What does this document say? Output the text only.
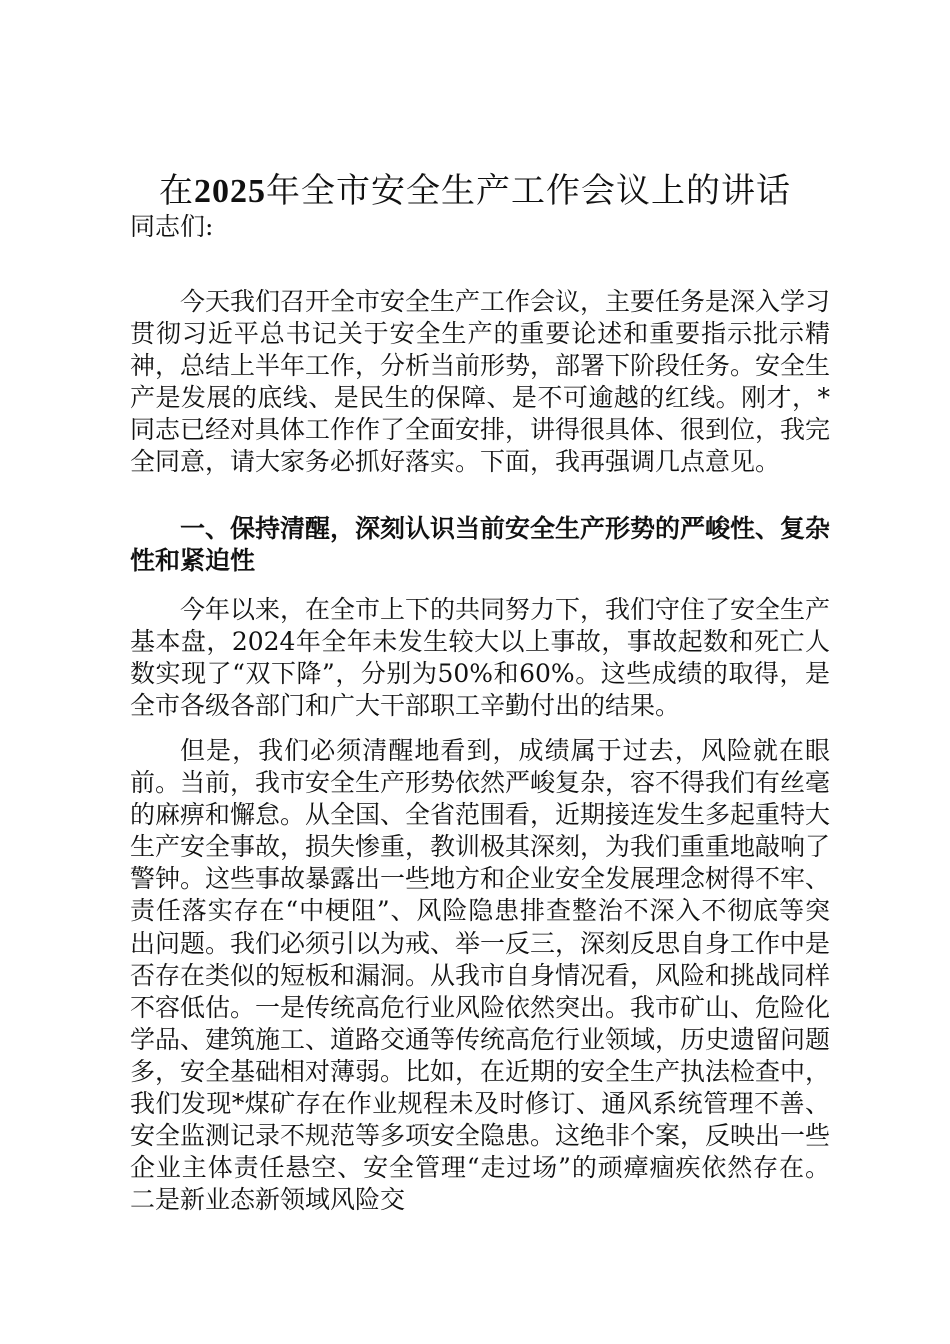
在2025年全市安全生产工作会议上的讲话
同志们:

今天我们召开全市安全生产工作会议，主要任务是深入学习贯彻习近平总书记关于安全生产的重要论述和重要指示批示精神，总结上半年工作，分析当前形势，部署下阶段任务。安全生产是发展的底线、是民生的保障、是不可逾越的红线。刚才，*同志已经对具体工作作了全面安排，讲得很具体、很到位，我完全同意，请大家务必抓好落实。下面，我再强调几点意见。

一、保持清醒，深刻认识当前安全生产形势的严峻性、复杂性和紧迫性

今年以来，在全市上下的共同努力下，我们守住了安全生产基本盘，2024年全年未发生较大以上事故，事故起数和死亡人数实现了“双下降”，分别为50%和60%。这些成绩的取得，是全市各级各部门和广大干部职工辛勤付出的结果。

但是，我们必须清醒地看到，成绩属于过去，风险就在眼前。当前，我市安全生产形势依然严峻复杂，容不得我们有丝毫的麻痹和懈怠。从全国、全省范围看，近期接连发生多起重特大生产安全事故，损失惨重，教训极其深刻，为我们重重地敲响了警钟。这些事故暴露出一些地方和企业安全发展理念树得不牢、责任落实存在“中梗阻”、风险隐患排查整治不深入不彻底等突出问题。我们必须引以为戒、举一反三，深刻反思自身工作中是否存在类似的短板和漏洞。从我市自身情况看，风险和挑战同样不容低估。一是传统高危行业风险依然突出。我市矿山、危险化学品、建筑施工、道路交通等传统高危行业领域，历史遗留问题多，安全基础相对薄弱。比如，在近期的安全生产执法检查中，我们发现*煤矿存在作业规程未及时修订、通风系统管理不善、安全监测记录不规范等多项安全隐患。这绝非个案，反映出一些企业主体责任悬空、安全管理“走过场”的顽瘴痼疾依然存在。二是新业态新领域风险交
